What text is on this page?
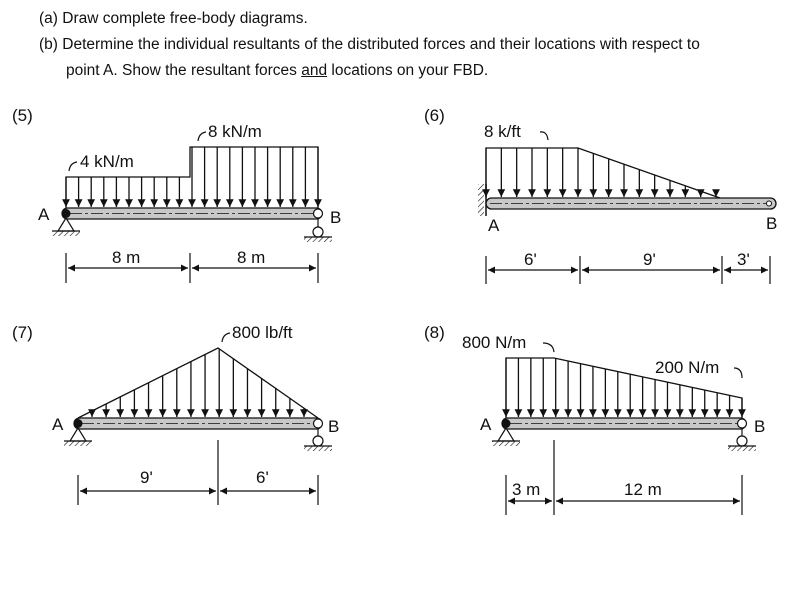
(a) Draw complete free-body diagrams.
(b) Determine the individual resultants of the distributed forces and their locations with respect to
point A. Show the resultant forces and locations on your FBD.
(5)
4 kN/m
8 kN/m
A	B
8 m	8 m
(6)
8 k/ft
A	B
6'	9'	3'
(7)	800 lb/ft
A	B
9'	6'
(8)
800 N/m
200 N/m
A	B
3 m	12 m
